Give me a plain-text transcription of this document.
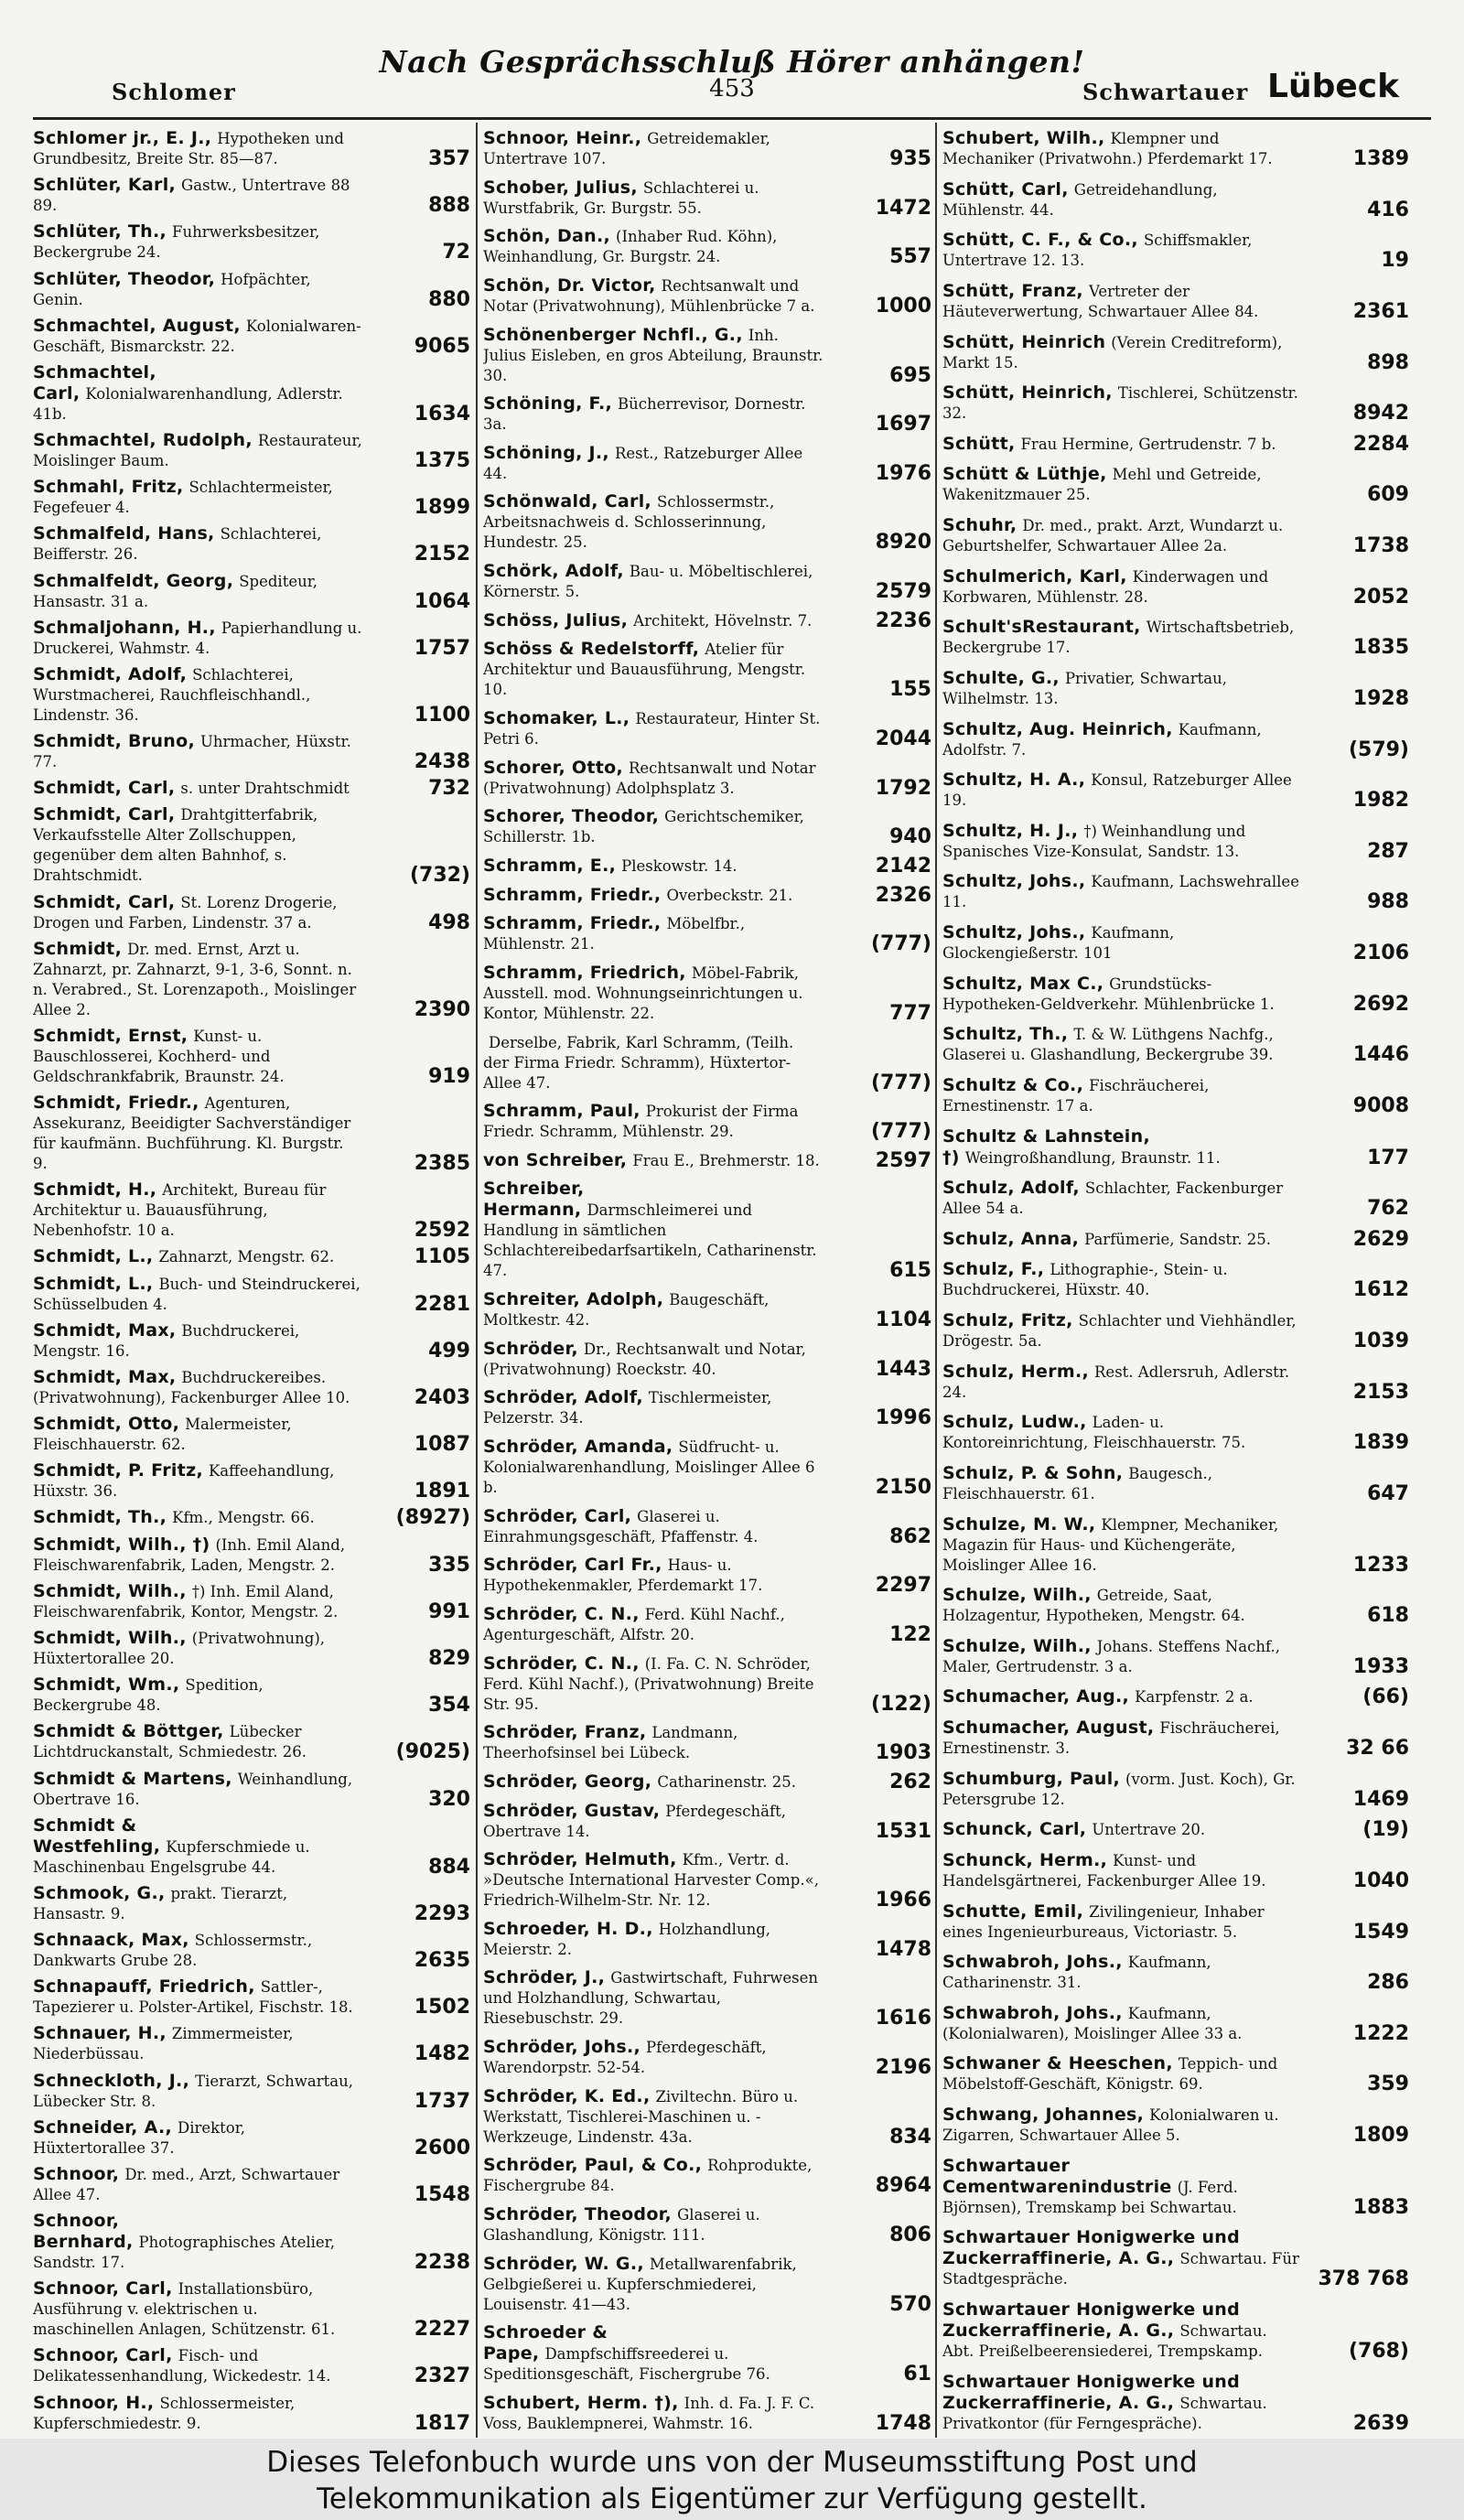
Nach Gesprächsschluß Hörer anhängen!
Schlomer	453	Schwartauer Lübeck
Schlomer jr., E. J., Hypotheken und Grundbesitz, Breite Str. 85—87.	357
Schlüter, Karl, Gastw., Untertrave 88 89.	888
Schlüter, Th., Fuhrwerksbesitzer, Beckergrube 24.	72
Schlüter, Theodor, Hofpächter, Genin.	880
Schmachtel, August, Kolonialwaren-Geschäft, Bismarckstr. 22.	9065
Schmachtel, Carl, Kolonialwarenhandlung, Adlerstr. 41b.	1634
Schmachtel, Rudolph, Restaurateur, Moislinger Baum.	1375
Schmahl, Fritz, Schlachtermeister, Fegefeuer 4.	1899
Schmalfeld, Hans, Schlachterei, Beifferstr. 26.	2152
Schmalfeldt, Georg, Spediteur, Hansastr. 31 a.	1064
Schmaljohann, H., Papierhandlung u. Druckerei, Wahmstr. 4.	1757
Schmidt, Adolf, Schlachterei, Wurstmacherei, Rauchfleischhandl., Lindenstr. 36.	1100
Schmidt, Bruno, Uhrmacher, Hüxstr. 77.	2438
Schmidt, Carl, s. unter Drahtschmidt	732
Schmidt, Carl, Drahtgitterfabrik, Verkaufsstelle Alter Zollschuppen, gegenüber dem alten Bahnhof, s. Drahtschmidt.	(732)
Schmidt, Carl, St. Lorenz Drogerie, Drogen und Farben, Lindenstr. 37 a.	498
Schmidt, Dr. med. Ernst, Arzt u. Zahnarzt, pr. Zahnarzt, 9-1, 3-6, Sonnt. n. n. Verabred., St. Lorenzapoth., Moislinger Allee 2.	2390
Schmidt, Ernst, Kunst- u. Bauschlosserei, Kochherd- und Geldschrankfabrik, Braunstr. 24.	919
Schmidt, Friedr., Agenturen, Assekuranz, Beeidigter Sachverständiger für kaufmänn. Buchführung. Kl. Burgstr. 9.	2385
Schmidt, H., Architekt, Bureau für Architektur u. Bauausführung, Nebenhofstr. 10 a.	2592
Schmidt, L., Zahnarzt, Mengstr. 62.	1105
Schmidt, L., Buch- und Steindruckerei, Schüsselbuden 4.	2281
Schmidt, Max, Buchdruckerei, Mengstr. 16.	499
Schmidt, Max, Buchdruckereibes. (Privatwohnung), Fackenburger Allee 10.	2403
Schmidt, Otto, Malermeister, Fleischhauerstr. 62.	1087
Schmidt, P. Fritz, Kaffeehandlung, Hüxstr. 36.	1891
Schmidt, Th., Kfm., Mengstr. 66.	(8927)
Schmidt, Wilh., †) (Inh. Emil Aland, Fleischwarenfabrik, Laden, Mengstr. 2.	335
Schmidt, Wilh., †) Inh. Emil Aland, Fleischwarenfabrik, Kontor, Mengstr. 2.	991
Schmidt, Wilh., (Privatwohnung), Hüxtertorallee 20.	829
Schmidt, Wm., Spedition, Beckergrube 48.	354
Schmidt & Böttger, Lübecker Lichtdruckanstalt, Schmiedestr. 26.	(9025)
Schmidt & Martens, Weinhandlung, Obertrave 16.	320
Schmidt & Westfehling, Kupferschmiede u. Maschinenbau Engelsgrube 44.	884
Schmook, G., prakt. Tierarzt, Hansastr. 9.	2293
Schnaack, Max, Schlossermstr., Dankwarts Grube 28.	2635
Schnapauff, Friedrich, Sattler-, Tapezierer u. Polster-Artikel, Fischstr. 18.	1502
Schnauer, H., Zimmermeister, Niederbüssau.	1482
Schneckloth, J., Tierarzt, Schwartau, Lübecker Str. 8.	1737
Schneider, A., Direktor, Hüxtertorallee 37.	2600
Schnoor, Dr. med., Arzt, Schwartauer Allee 47.	1548
Schnoor, Bernhard, Photographisches Atelier, Sandstr. 17.	2238
Schnoor, Carl, Installationsbüro, Ausführung v. elektrischen u. maschinellen Anlagen, Schützenstr. 61.	2227
Schnoor, Carl, Fisch- und Delikatessenhandlung, Wickedestr. 14.	2327
Schnoor, H., Schlossermeister, Kupferschmiedestr. 9.	1817
Schnoor, Heinr., Getreidemakler, Untertrave 107.	935
Schober, Julius, Schlachterei u. Wurstfabrik, Gr. Burgstr. 55.	1472
Schön, Dan., (Inhaber Rud. Köhn), Weinhandlung, Gr. Burgstr. 24.	557
Schön, Dr. Victor, Rechtsanwalt und Notar (Privatwohnung), Mühlenbrücke 7 a.	1000
Schönenberger Nchfl., G., Inh. Julius Eisleben, en gros Abteilung, Braunstr. 30.	695
Schöning, F., Bücherrevisor, Dornestr. 3a.	1697
Schöning, J., Rest., Ratzeburger Allee 44.	1976
Schönwald, Carl, Schlossermstr., Arbeitsnachweis d. Schlosserinnung, Hundestr. 25.	8920
Schörk, Adolf, Bau- u. Möbeltischlerei, Körnerstr. 5.	2579
Schöss, Julius, Architekt, Hövelnstr. 7.	2236
Schöss & Redelstorff, Atelier für Architektur und Bauausführung, Mengstr. 10.	155
Schomaker, L., Restaurateur, Hinter St. Petri 6.	2044
Schorer, Otto, Rechtsanwalt und Notar (Privatwohnung) Adolphsplatz 3.	1792
Schorer, Theodor, Gerichtschemiker, Schillerstr. 1b.	940
Schramm, E., Pleskowstr. 14.	2142
Schramm, Friedr., Overbeckstr. 21.	2326
Schramm, Friedr., Möbelfbr., Mühlenstr. 21.	(777)
Schramm, Friedrich, Möbel-Fabrik, Ausstell. mod. Wohnungseinrichtungen u. Kontor, Mühlenstr. 22.	777
Derselbe, Fabrik, Karl Schramm, (Teilh. der Firma Friedr. Schramm), Hüxtertor-Allee 47.	(777)
Schramm, Paul, Prokurist der Firma Friedr. Schramm, Mühlenstr. 29.	(777)
von Schreiber, Frau E., Brehmerstr. 18.	2597
Schreiber, Hermann, Darmschleimerei und Handlung in sämtlichen Schlachtereibedarfsartikeln, Catharinenstr. 47.	615
Schreiter, Adolph, Baugeschäft, Moltkestr. 42.	1104
Schröder, Dr., Rechtsanwalt und Notar, (Privatwohnung) Roeckstr. 40.	1443
Schröder, Adolf, Tischlermeister, Pelzerstr. 34.	1996
Schröder, Amanda, Südfrucht- u. Kolonialwarenhandlung, Moislinger Allee 6 b.	2150
Schröder, Carl, Glaserei u. Einrahmungsgeschäft, Pfaffenstr. 4.	862
Schröder, Carl Fr., Haus- u. Hypothekenmakler, Pferdemarkt 17.	2297
Schröder, C. N., Ferd. Kühl Nachf., Agenturgeschäft, Alfstr. 20.	122
Schröder, C. N., (I. Fa. C. N. Schröder, Ferd. Kühl Nachf.), (Privatwohnung) Breite Str. 95.	(122)
Schröder, Franz, Landmann, Theerhofsinsel bei Lübeck.	1903
Schröder, Georg, Catharinenstr. 25.	262
Schröder, Gustav, Pferdegeschäft, Obertrave 14.	1531
Schröder, Helmuth, Kfm., Vertr. d. »Deutsche International Harvester Comp.«, Friedrich-Wilhelm-Str. Nr. 12.	1966
Schroeder, H. D., Holzhandlung, Meierstr. 2.	1478
Schröder, J., Gastwirtschaft, Fuhrwesen und Holzhandlung, Schwartau, Riesebuschstr. 29.	1616
Schröder, Johs., Pferdegeschäft, Warendorpstr. 52-54.	2196
Schröder, K. Ed., Ziviltechn. Büro u. Werkstatt, Tischlerei-Maschinen u. -Werkzeuge, Lindenstr. 43a.	834
Schröder, Paul, & Co., Rohprodukte, Fischergrube 84.	8964
Schröder, Theodor, Glaserei u. Glashandlung, Königstr. 111.	806
Schröder, W. G., Metallwarenfabrik, Gelbgießerei u. Kupferschmiederei, Louisenstr. 41—43.	570
Schroeder & Pape, Dampfschiffsreederei u. Speditionsgeschäft, Fischergrube 76.	61
Schubert, Herm. †), Inh. d. Fa. J. F. C. Voss, Bauklempnerei, Wahmstr. 16.	1748
Schubert, Wilh., Klempner und Mechaniker (Privatwohn.) Pferdemarkt 17.	1389
Schütt, Carl, Getreidehandlung, Mühlenstr. 44.	416
Schütt, C. F., & Co., Schiffsmakler, Untertrave 12. 13.	19
Schütt, Franz, Vertreter der Häuteverwertung, Schwartauer Allee 84.	2361
Schütt, Heinrich (Verein Creditreform), Markt 15.	898
Schütt, Heinrich, Tischlerei, Schützenstr. 32.	8942
Schütt, Frau Hermine, Gertrudenstr. 7 b.	2284
Schütt & Lüthje, Mehl und Getreide, Wakenitzmauer 25.	609
Schuhr, Dr. med., prakt. Arzt, Wundarzt u. Geburtshelfer, Schwartauer Allee 2a.	1738
Schulmerich, Karl, Kinderwagen und Korbwaren, Mühlenstr. 28.	2052
Schult'sRestaurant, Wirtschaftsbetrieb, Beckergrube 17.	1835
Schulte, G., Privatier, Schwartau, Wilhelmstr. 13.	1928
Schultz, Aug. Heinrich, Kaufmann, Adolfstr. 7.	(579)
Schultz, H. A., Konsul, Ratzeburger Allee 19.	1982
Schultz, H. J., †) Weinhandlung und Spanisches Vize-Konsulat, Sandstr. 13.	287
Schultz, Johs., Kaufmann, Lachswehrallee 11.	988
Schultz, Johs., Kaufmann, Glockengießerstr. 101	2106
Schultz, Max C., Grundstücks-Hypotheken-Geldverkehr. Mühlenbrücke 1.	2692
Schultz, Th., T. & W. Lüthgens Nachfg., Glaserei u. Glashandlung, Beckergrube 39.	1446
Schultz & Co., Fischräucherei, Ernestinenstr. 17 a.	9008
Schultz & Lahnstein, †) Weingroßhandlung, Braunstr. 11.	177
Schulz, Adolf, Schlachter, Fackenburger Allee 54 a.	762
Schulz, Anna, Parfümerie, Sandstr. 25.	2629
Schulz, F., Lithographie-, Stein- u. Buchdruckerei, Hüxstr. 40.	1612
Schulz, Fritz, Schlachter und Viehhändler, Drögestr. 5a.	1039
Schulz, Herm., Rest. Adlersruh, Adlerstr. 24.	2153
Schulz, Ludw., Laden- u. Kontoreinrichtung, Fleischhauerstr. 75.	1839
Schulz, P. & Sohn, Baugesch., Fleischhauerstr. 61.	647
Schulze, M. W., Klempner, Mechaniker, Magazin für Haus- und Küchengeräte, Moislinger Allee 16.	1233
Schulze, Wilh., Getreide, Saat, Holzagentur, Hypotheken, Mengstr. 64.	618
Schulze, Wilh., Johans. Steffens Nachf., Maler, Gertrudenstr. 3 a.	1933
Schumacher, Aug., Karpfenstr. 2 a.	(66)
Schumacher, August, Fischräucherei, Ernestinenstr. 3.	32 66
Schumburg, Paul, (vorm. Just. Koch), Gr. Petersgrube 12.	1469
Schunck, Carl, Untertrave 20.	(19)
Schunck, Herm., Kunst- und Handelsgärtnerei, Fackenburger Allee 19.	1040
Schutte, Emil, Zivilingenieur, Inhaber eines Ingenieurbureaus, Victoriastr. 5.	1549
Schwabroh, Johs., Kaufmann, Catharinenstr. 31.	286
Schwabroh, Johs., Kaufmann, (Kolonialwaren), Moislinger Allee 33 a.	1222
Schwaner & Heeschen, Teppich- und Möbelstoff-Geschäft, Königstr. 69.	359
Schwang, Johannes, Kolonialwaren u. Zigarren, Schwartauer Allee 5.	1809
Schwartauer Cementwarenindustrie (J. Ferd. Björnsen), Tremskamp bei Schwartau.	1883
Schwartauer Honigwerke und Zuckerraffinerie, A. G., Schwartau. Für Stadtgespräche.	378 768
Schwartauer Honigwerke und Zuckerraffinerie, A. G., Schwartau. Abt. Preißelbeerensiederei, Trempskamp.	(768)
Schwartauer Honigwerke und Zuckerraffinerie, A. G., Schwartau. Privatkontor (für Ferngespräche).	2639
Dieses Telefonbuch wurde uns von der Museumsstiftung Post und
Telekommunikation als Eigentümer zur Verfügung gestellt.
